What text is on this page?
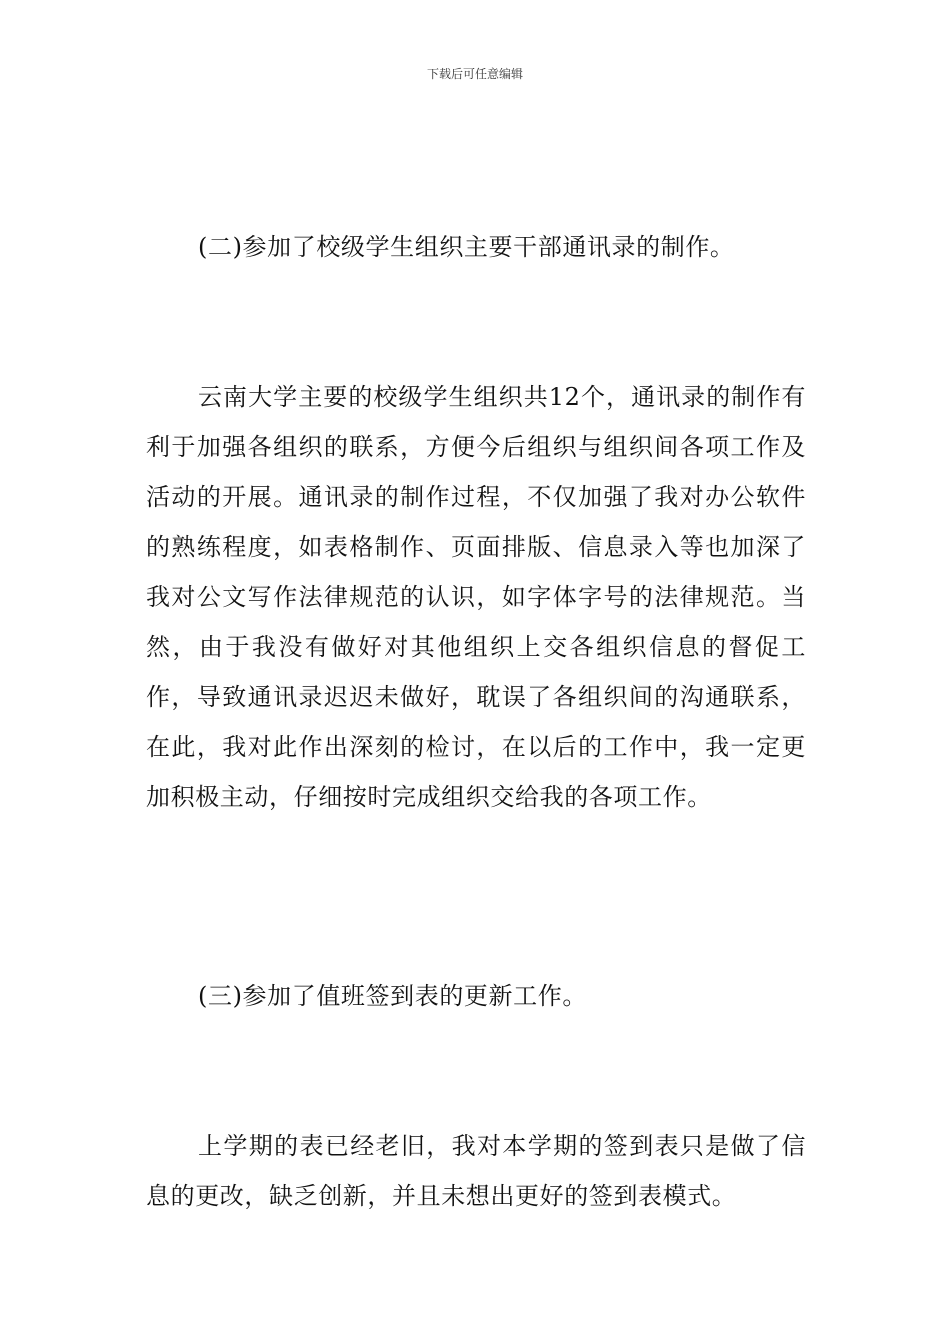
下载后可任意编辑

(二)参加了校级学生组织主要干部通讯录的制作。

云南大学主要的校级学生组织共12个，通讯录的制作有利于加强各组织的联系，方便今后组织与组织间各项工作及活动的开展。通讯录的制作过程，不仅加强了我对办公软件的熟练程度，如表格制作、页面排版、信息录入等也加深了我对公文写作法律规范的认识，如字体字号的法律规范。当然，由于我没有做好对其他组织上交各组织信息的督促工作，导致通讯录迟迟未做好，耽误了各组织间的沟通联系，在此，我对此作出深刻的检讨，在以后的工作中，我一定更加积极主动，仔细按时完成组织交给我的各项工作。

(三)参加了值班签到表的更新工作。

上学期的表已经老旧，我对本学期的签到表只是做了信息的更改，缺乏创新，并且未想出更好的签到表模式。
